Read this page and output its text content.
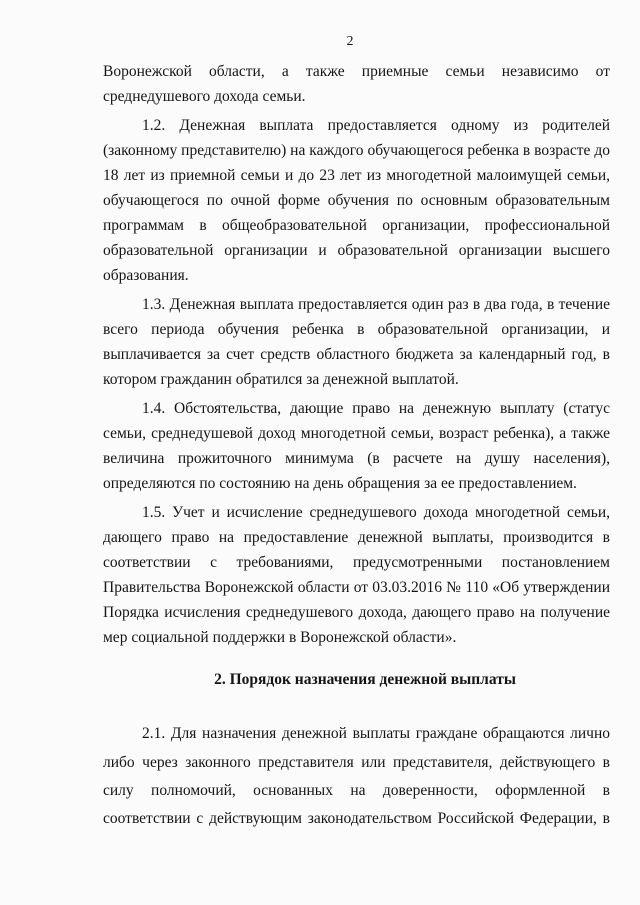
2
Воронежской области, а также приемные семьи независимо от
среднедушевого дохода семьи.
1.2. Денежная выплата предоставляется одному из родителей
(законному представителю) на каждого обучающегося ребенка в возрасте до
18 лет из приемной семьи и до 23 лет из многодетной малоимущей семьи,
обучающегося по очной форме обучения по основным образовательным
программам в общеобразовательной организации, профессиональной
образовательной организации и образовательной организации высшего
образования.
1.3. Денежная выплата предоставляется один раз в два года, в течение
всего периода обучения ребенка в образовательной организации, и
выплачивается за счет средств областного бюджета за календарный год, в
котором гражданин обратился за денежной выплатой.
1.4. Обстоятельства, дающие право на денежную выплату (статус
семьи, среднедушевой доход многодетной семьи, возраст ребенка), а также
величина прожиточного минимума (в расчете на душу населения),
определяются по состоянию на день обращения за ее предоставлением.
1.5. Учет и исчисление среднедушевого дохода многодетной семьи,
дающего право на предоставление денежной выплаты, производится в
соответствии с требованиями, предусмотренными постановлением
Правительства Воронежской области от 03.03.2016 № 110 «Об утверждении
Порядка исчисления среднедушевого дохода, дающего право на получение
мер социальной поддержки в Воронежской области».
2. Порядок назначения денежной выплаты
2.1. Для назначения денежной выплаты граждане обращаются лично
либо через законного представителя или представителя, действующего в
силу полномочий, основанных на доверенности, оформленной в
соответствии с действующим законодательством Российской Федерации, в
